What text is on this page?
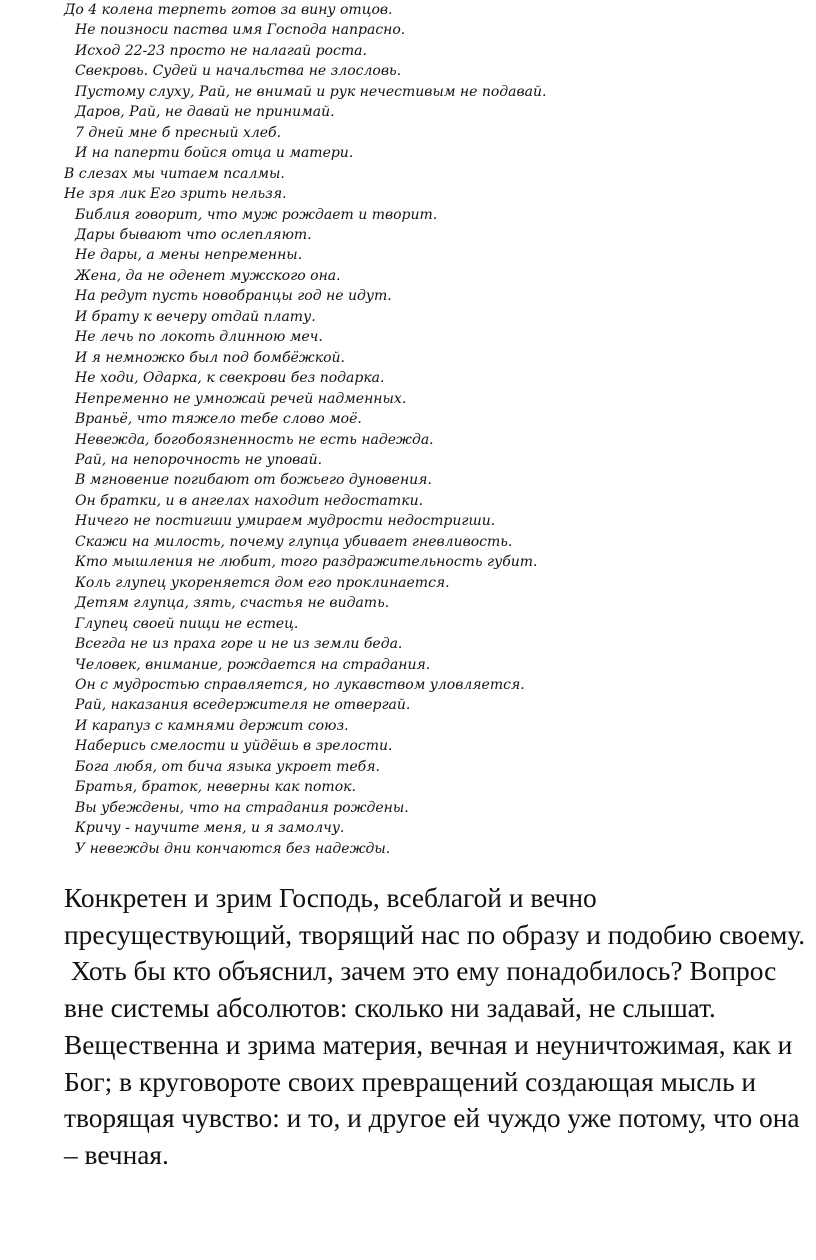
До 4 колена терпеть готов за вину отцов.
Не поизноси паства имя Господа напрасно.
Исход 22-23 просто не налагай роста.
Свекровь. Судей и начальства не злословь.
Пустому слуху, Рай, не внимай и рук нечестивым не подавай.
Даров, Рай, не давай не принимай.
7 дней мне б пресный хлеб.
И на паперти бойся отца и матери.
В слезах мы читаем псалмы.
Не зря лик Его зрить нельзя.
Библия говорит, что муж рождает и творит.
Дары бывают что ослепляют.
Не дары, а мены непременны.
Жена, да не оденет мужского она.
На редут пусть новобранцы год не идут.
И брату к вечеру отдай плату.
Не лечь по локоть длинною меч.
И я немножко был под бомбёжкой.
Не ходи, Одарка, к свекрови без подарка.
Непременно не умножай речей надменных.
Враньё, что тяжело тебе слово моё.
Невежда, богобоязненность не есть надежда.
Рай, на непорочность не уповай.
В мгновение погибают от божьего дуновения.
Он братки, и в ангелах находит недостатки.
Ничего не постигши умираем мудрости недостригши.
Скажи на милость, почему глупца убивает гневливость.
Кто мышления не любит, того раздражительность губит.
Коль глупец укореняется дом его проклинается.
Детям глупца, зять, счастья не видать.
Глупец своей пищи не естец.
Всегда не из праха горе и не из земли беда.
Человек, внимание, рождается на страдания.
Он с мудростью справляется, но лукавством уловляется.
Рай, наказания вседержителя не отвергай.
И карапуз с камнями держит союз.
Наберись смелости и уйдёшь в зрелости.
Бога любя, от бича языка укроет тебя.
Братья, браток, неверны как поток.
Вы убеждены, что на страдания рождены.
Кричу - научите меня, и я замолчу.
У невежды дни кончаются без надежды.

Конкретен и зрим Господь, всеблагой и вечно пресуществующий, творящий нас по образу и подобию своему.

Хоть бы кто объяснил, зачем это ему понадобилось? Вопрос вне системы абсолютов: сколько ни задавай, не слышат.

Вещественна и зрима материя, вечная и неуничтожимая, как и Бог; в круговороте своих превращений создающая мысль и творящая чувство: и то, и другое ей чуждо уже потому, что она – вечная.
